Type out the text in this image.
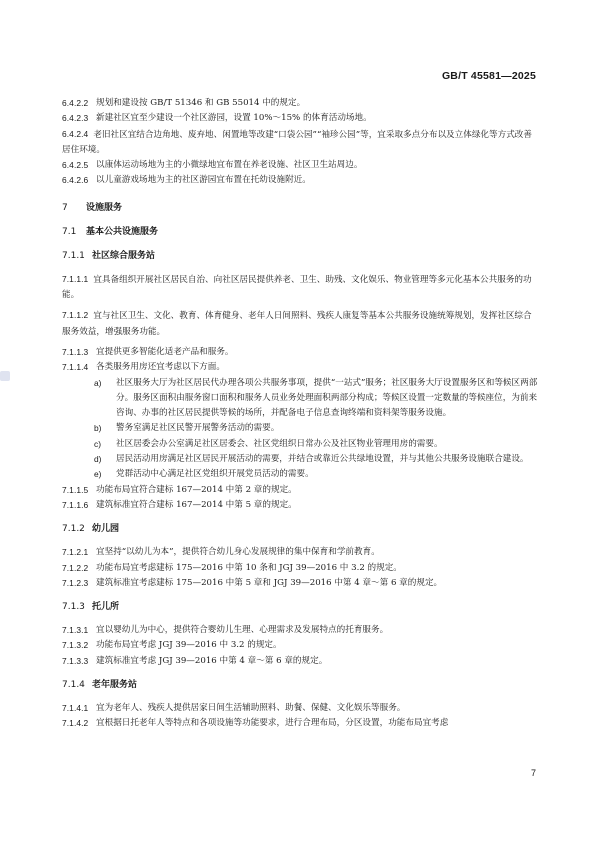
GB/T 45581—2025
6.4.2.2 规划和建设按 GB/T 51346 和 GB 55014 中的规定。
6.4.2.3 新建社区宜至少建设一个社区游园，设置 10%～15% 的体育活动场地。
6.4.2.4 老旧社区宜结合边角地、废弃地、闲置地等改建“口袋公园”“袖珍公园”等，宜采取多点分布以及立体绿化等方式改善居住环境。
6.4.2.5 以康体运动场地为主的小微绿地宜布置在养老设施、社区卫生站周边。
6.4.2.6 以儿童游戏场地为主的社区游园宜布置在托幼设施附近。
7 设施服务
7.1 基本公共设施服务
7.1.1 社区综合服务站
7.1.1.1 宜具备组织开展社区居民自治、向社区居民提供养老、卫生、助残、文化娱乐、物业管理等多元化基本公共服务的功能。
7.1.1.2 宜与社区卫生、文化、教育、体育健身、老年人日间照料、残疾人康复等基本公共服务设施统筹规划，发挥社区综合服务效益，增强服务功能。
7.1.1.3 宜提供更多智能化适老产品和服务。
7.1.1.4 各类服务用房还宜考虑以下方面。
a) 社区服务大厅为社区居民代办理各项公共服务事项，提供“一站式”服务；社区服务大厅设置服务区和等候区两部分。服务区面积由服务窗口面积和服务人员业务处理面积两部分构成；等候区设置一定数量的等候座位，为前来咨询、办事的社区居民提供等候的场所，并配备电子信息查询终端和资料架等服务设施。
b) 警务室满足社区民警开展警务活动的需要。
c) 社区居委会办公室满足社区居委会、社区党组织日常办公及社区物业管理用房的需要。
d) 居民活动用房满足社区居民开展活动的需要，并结合或靠近公共绿地设置，并与其他公共服务设施联合建设。
e) 党群活动中心满足社区党组织开展党员活动的需要。
7.1.1.5 功能布局宜符合建标 167—2014 中第 2 章的规定。
7.1.1.6 建筑标准宜符合建标 167—2014 中第 5 章的规定。
7.1.2 幼儿园
7.1.2.1 宜坚持“以幼儿为本”，提供符合幼儿身心发展规律的集中保育和学前教育。
7.1.2.2 功能布局宜考虑建标 175—2016 中第 10 条和 JGJ 39—2016 中 3.2 的规定。
7.1.2.3 建筑标准宜考虑建标 175—2016 中第 5 章和 JGJ 39—2016 中第 4 章～第 6 章的规定。
7.1.3 托儿所
7.1.3.1 宜以婴幼儿为中心，提供符合婴幼儿生理、心理需求及发展特点的托育服务。
7.1.3.2 功能布局宜考虑 JGJ 39—2016 中 3.2 的规定。
7.1.3.3 建筑标准宜考虑 JGJ 39—2016 中第 4 章～第 6 章的规定。
7.1.4 老年服务站
7.1.4.1 宜为老年人、残疾人提供居家日间生活辅助照料、助餐、保健、文化娱乐等服务。
7.1.4.2 宜根据日托老年人等特点和各项设施等功能要求，进行合理布局，分区设置，功能布局宜考虑
7
